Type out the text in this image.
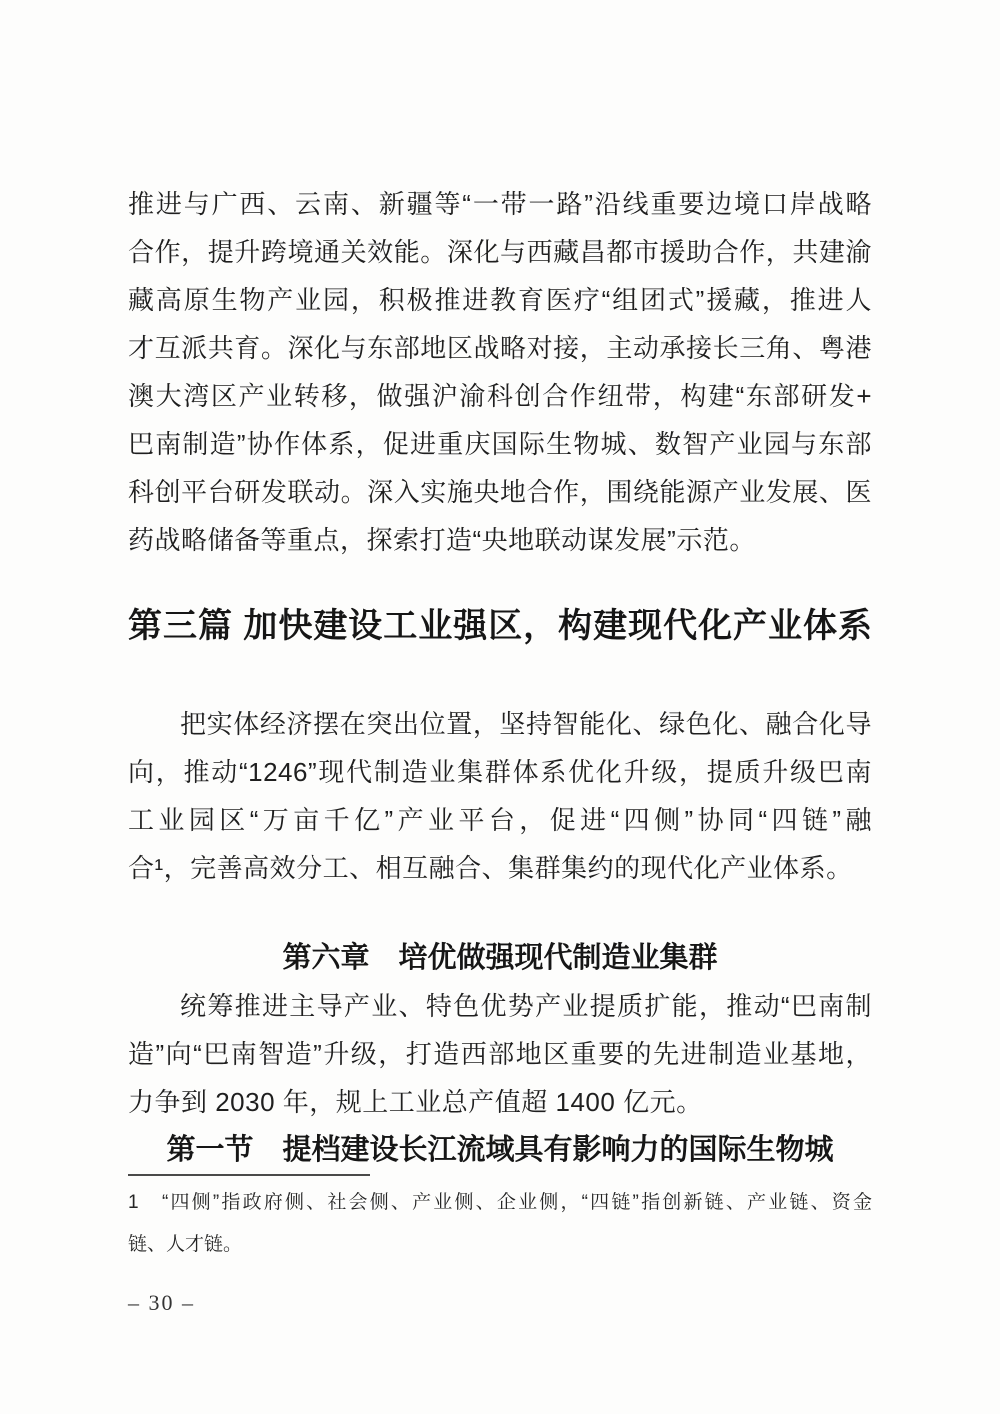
推进与广西、云南、新疆等“一带一路”沿线重要边境口岸战略
合作，提升跨境通关效能。深化与西藏昌都市援助合作，共建渝
藏高原生物产业园，积极推进教育医疗“组团式”援藏，推进人
才互派共育。深化与东部地区战略对接，主动承接长三角、粤港
澳大湾区产业转移，做强沪渝科创合作纽带，构建“东部研发+
巴南制造”协作体系，促进重庆国际生物城、数智产业园与东部
科创平台研发联动。深入实施央地合作，围绕能源产业发展、医
药战略储备等重点，探索打造“央地联动谋发展”示范。
第三篇 加快建设工业强区，构建现代化产业体系
把实体经济摆在突出位置，坚持智能化、绿色化、融合化导
向，推动“1246”现代制造业集群体系优化升级，提质升级巴南
工业园区“万亩千亿”产业平台，促进“四侧”协同“四链”融
合¹，完善高效分工、相互融合、集群集约的现代化产业体系。
第六章　培优做强现代制造业集群
统筹推进主导产业、特色优势产业提质扩能，推动“巴南制
造”向“巴南智造”升级，打造西部地区重要的先进制造业基地，
力争到 2030 年，规上工业总产值超 1400 亿元。
第一节　提档建设长江流域具有影响力的国际生物城
1　“四侧”指政府侧、社会侧、产业侧、企业侧，“四链”指创新链、产业链、资金
链、人才链。
– 30 –
